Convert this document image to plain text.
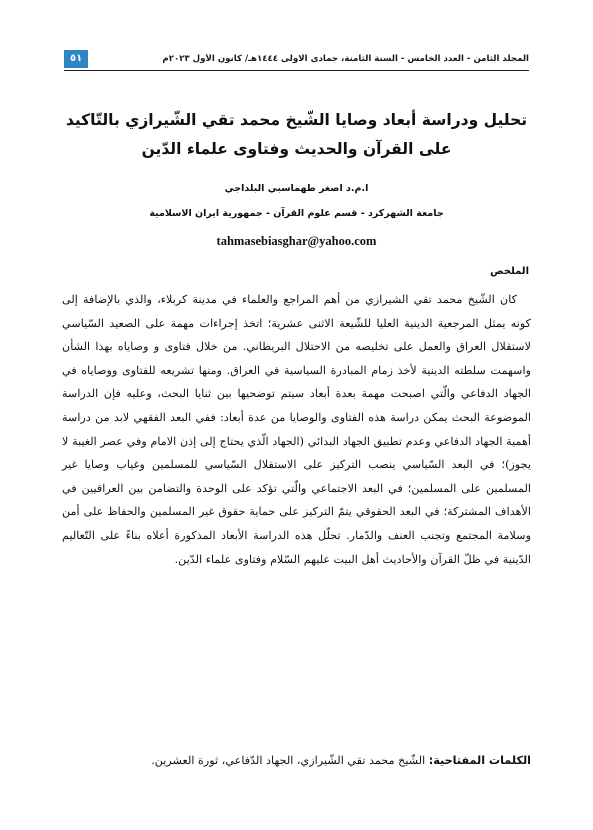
المجلد الثامن - العدد الخامس - السنة الثامنة، جمادى الاولى ١٤٤٤هـ/ كانون الأول ٢٠٢٣م
٥١
تحليل ودراسة أبعاد وصايا الشّيخ محمد تقي الشّيرازي بالتّاكيد على القرآن والحديث وفتاوى علماء الدّين
ا.م.د اصغر طهماسبي البلداجي
جامعة الشهركرد - قسم علوم القرآن - جمهورية ايران الاسلامية
tahmasebiasghar@yahoo.com
الملخص

كان الشّيخ محمد تقي الشيرازي من أهم المراجع والعلماء في مدينة كربلاء، والذي بالإضافة إلى كونه يمثل المرجعية الدينية العليا للشّيعة الاثنى عشرية؛ اتخذ إجراءات مهمة على الصعيد السّياسي لاستقلال العراق والعمل على تخليصه من الاحتلال البريطاني. من خلال فتاوى و وصاياه بهذا الشأن واسهمت سلطته الدينية لأخذ زمام المبادرة السياسية في العراق. ومنها تشريعه للفتاوى ووصاياه في الجهاد الدفاعي والّتي اصبحت مهمة بعدة أبعاد سيتم توضحيها بين ثنايا البحث، وعليه فإن الدراسة الموضوعة البحث يمكن دراسة هذه الفتاوى والوصايا من عدة أبعاد: ففي البعد الفقهي لابد من دراسة أهمية الجهاد الدفاعي وعدم تطبيق الجهاد البدائي (الجهاد الّذي يحتاج إلى إذن الامام وفي عصر الغيبة لا يجوز)؛ في البعد السّياسي ينصب التركيز على الاستقلال السّياسي للمسلمين وغياب وصايا غير المسلمين على المسلمين؛ في البعد الاجتماعي والّتي تؤكد على الوحدة والتضامن بين العراقيين في الأهداف المشتركة؛ في البعد الحقوقي يتمّ التركيز على حماية حقوق غير المسلمين والحفاظ على أمن وسلامة المجتمع وتجنب العنف والدّمار. تحلّل هذه الدراسة الأبعاد المذكورة أعلاه بناءً على التّعاليم الدّينية في ظلّ القرآن والأحاديث أهل البيت عليهم السّلام وفتاوى علماء الدّين.

الكلمات المفتاحية: الشّيخ محمد تقي الشّيرازي، الجهاد الدّفاعي، ثورة العشرين.
